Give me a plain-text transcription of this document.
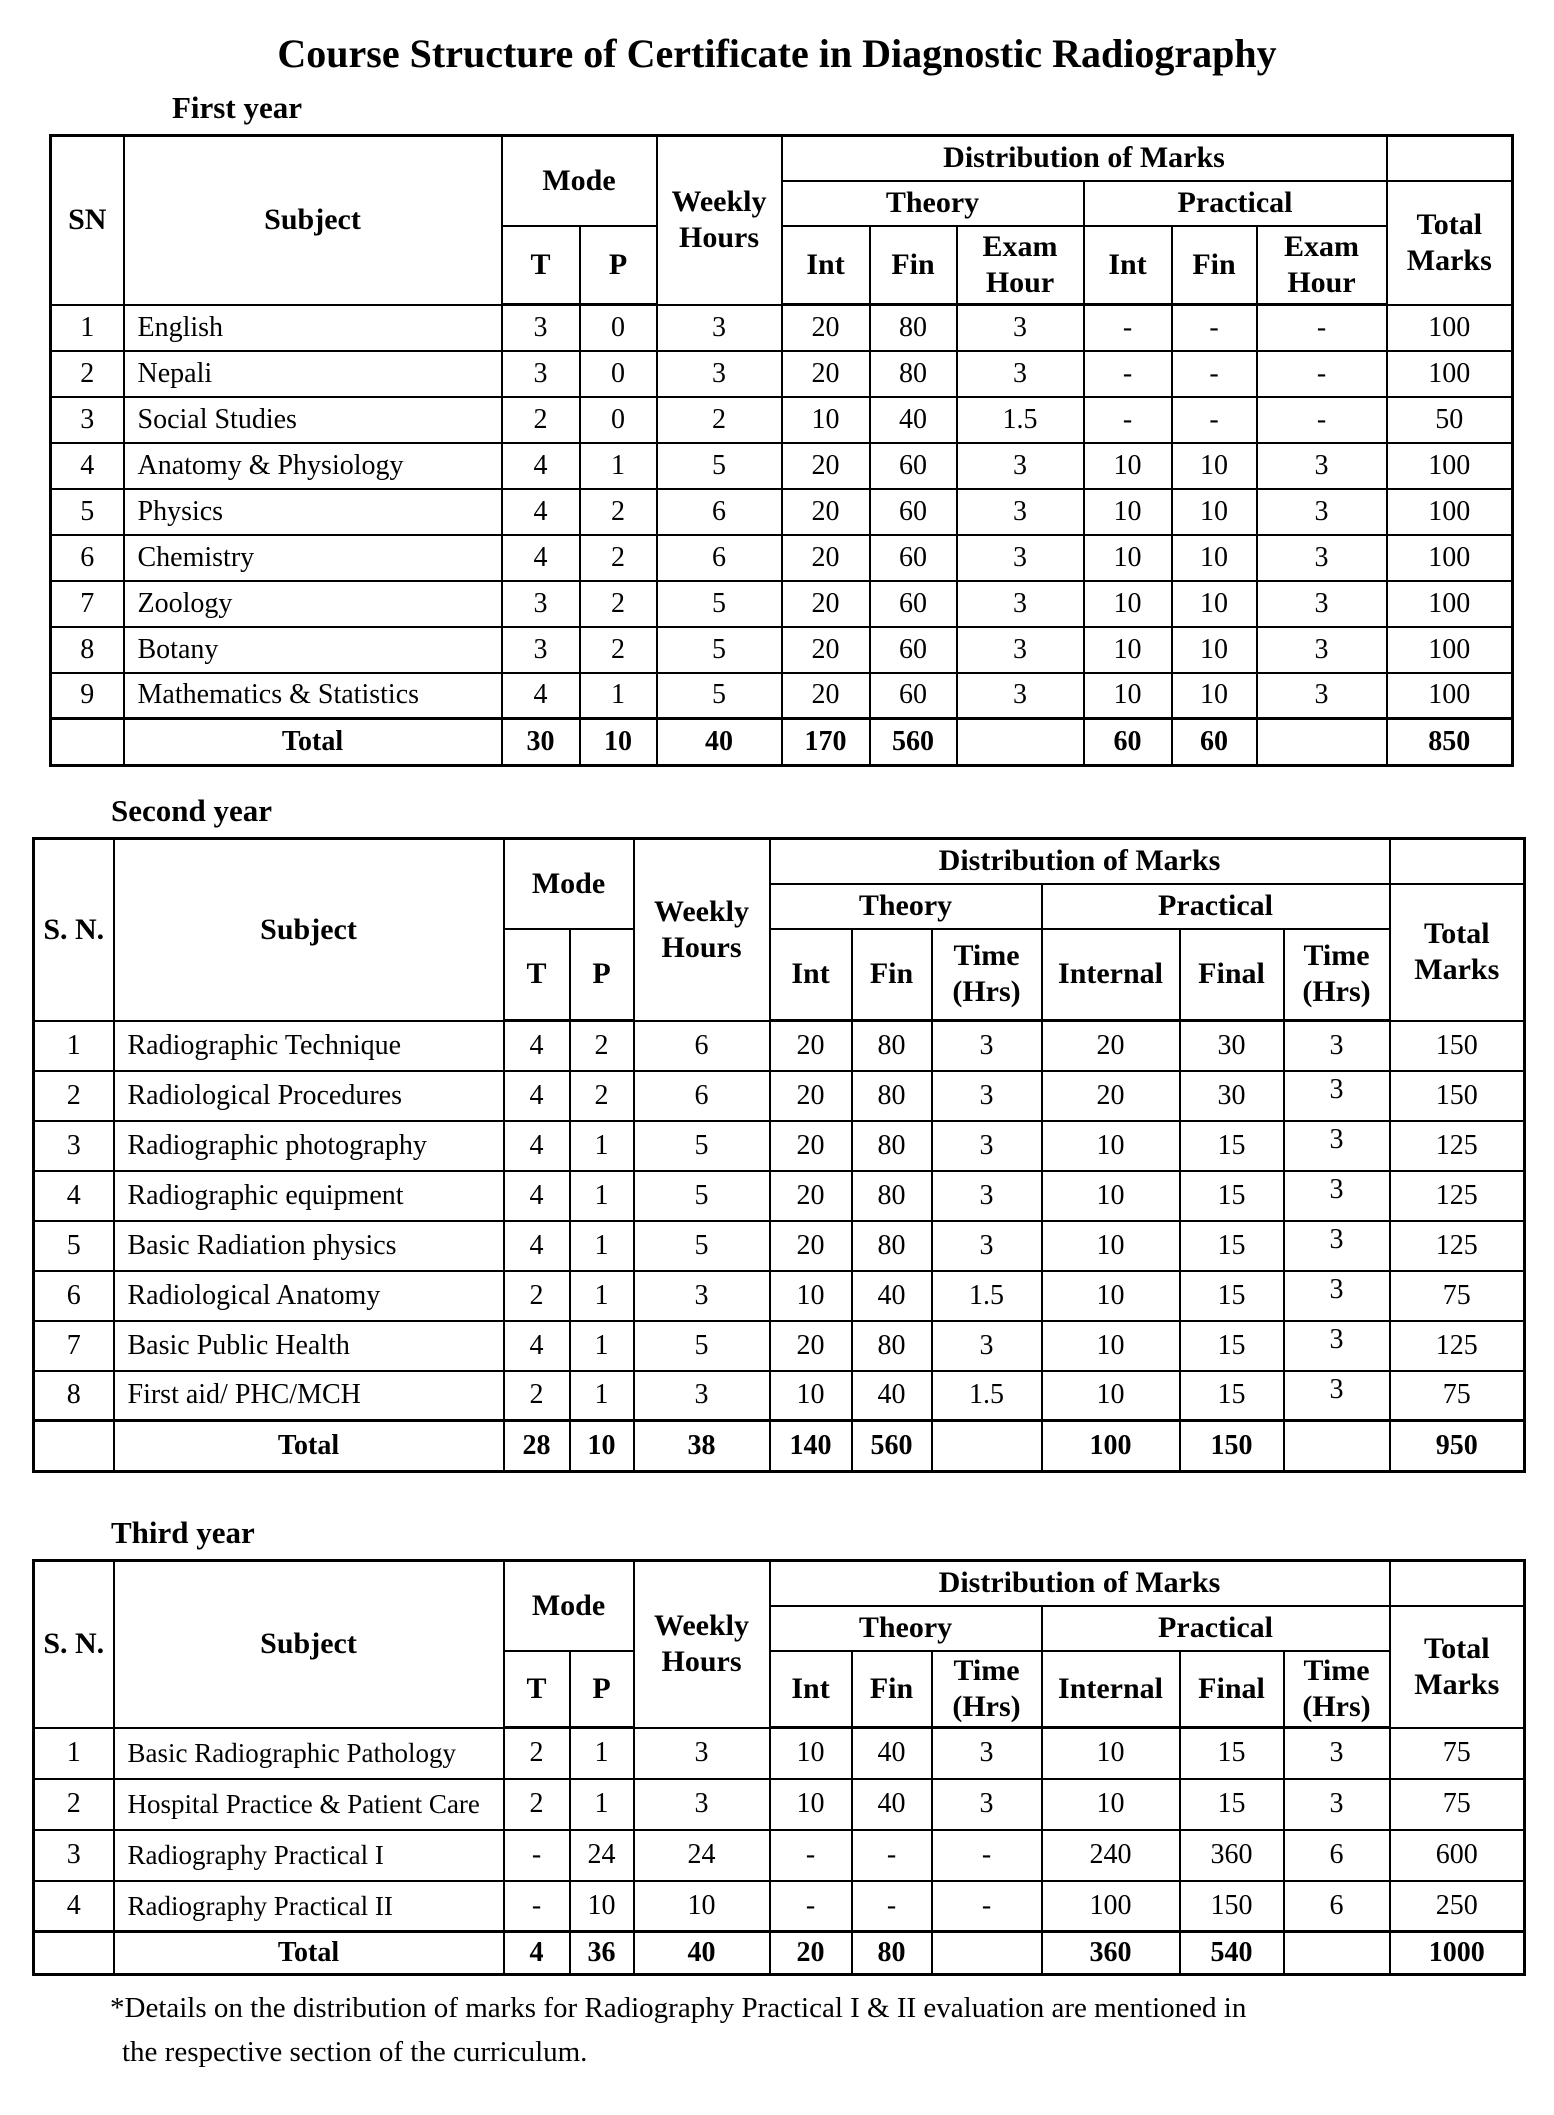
Course Structure of Certificate in Diagnostic Radiography
First year
SN	Subject	Mode		Weekly Hours	Distribution of Marks						
					Theory			Practical			Total Marks
		T	P		Int	Fin	Exam Hour	Int	Fin	Exam Hour	
1	English	3	0	3	20	80	3	-	-	-	100
2	Nepali	3	0	3	20	80	3	-	-	-	100
3	Social Studies	2	0	2	10	40	1.5	-	-	-	50
4	Anatomy & Physiology	4	1	5	20	60	3	10	10	3	100
5	Physics	4	2	6	20	60	3	10	10	3	100
6	Chemistry	4	2	6	20	60	3	10	10	3	100
7	Zoology	3	2	5	20	60	3	10	10	3	100
8	Botany	3	2	5	20	60	3	10	10	3	100
9	Mathematics & Statistics	4	1	5	20	60	3	10	10	3	100
	Total	30	10	40	170	560		60	60		850
Second year
S. N.	Subject	Mode		Weekly Hours	Distribution of Marks						
					Theory			Practical			Total Marks
		T	P		Int	Fin	Time (Hrs)	Internal	Final	Time (Hrs)	
1	Radiographic Technique	4	2	6	20	80	3	20	30	3	150
2	Radiological Procedures	4	2	6	20	80	3	20	30	3	150
3	Radiographic photography	4	1	5	20	80	3	10	15	3	125
4	Radiographic equipment	4	1	5	20	80	3	10	15	3	125
5	Basic Radiation physics	4	1	5	20	80	3	10	15	3	125
6	Radiological Anatomy	2	1	3	10	40	1.5	10	15	3	75
7	Basic Public Health	4	1	5	20	80	3	10	15	3	125
8	First aid/ PHC/MCH	2	1	3	10	40	1.5	10	15	3	75
	Total	28	10	38	140	560		100	150		950
Third year
S. N.	Subject	Mode		Weekly Hours	Distribution of Marks						
					Theory			Practical			Total Marks
		T	P		Int	Fin	Time (Hrs)	Internal	Final	Time (Hrs)	
1	Basic Radiographic Pathology	2	1	3	10	40	3	10	15	3	75
2	Hospital Practice & Patient Care	2	1	3	10	40	3	10	15	3	75
3	Radiography Practical I	-	24	24	-	-	-	240	360	6	600
4	Radiography Practical II	-	10	10	-	-	-	100	150	6	250
	Total	4	36	40	20	80		360	540		1000
*Details on the distribution of marks for Radiography Practical I & II evaluation are mentioned in
the respective section of the curriculum.
